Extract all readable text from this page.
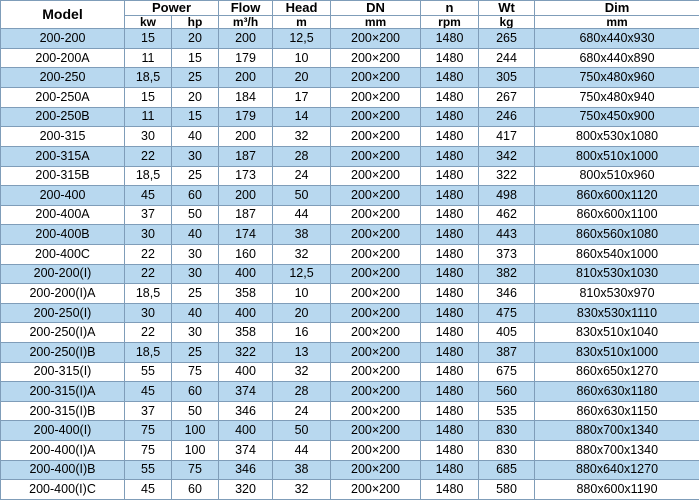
Model	Power		Flow	Head	DN	n	Wt	Dim
	kw	hp	m³/h	m	mm	rpm	kg	mm
200-200	15	20	200	12,5	200×200	1480	265	680x440x930
200-200A	11	15	179	10	200×200	1480	244	680x440x890
200-250	18,5	25	200	20	200×200	1480	305	750x480x960
200-250A	15	20	184	17	200×200	1480	267	750x480x940
200-250B	11	15	179	14	200×200	1480	246	750x450x900
200-315	30	40	200	32	200×200	1480	417	800x530x1080
200-315A	22	30	187	28	200×200	1480	342	800x510x1000
200-315B	18,5	25	173	24	200×200	1480	322	800x510x960
200-400	45	60	200	50	200×200	1480	498	860x600x1120
200-400A	37	50	187	44	200×200	1480	462	860x600x1100
200-400B	30	40	174	38	200×200	1480	443	860x560x1080
200-400C	22	30	160	32	200×200	1480	373	860x540x1000
200-200(I)	22	30	400	12,5	200×200	1480	382	810x530x1030
200-200(I)A	18,5	25	358	10	200×200	1480	346	810x530x970
200-250(I)	30	40	400	20	200×200	1480	475	830x530x1110
200-250(I)A	22	30	358	16	200×200	1480	405	830x510x1040
200-250(I)B	18,5	25	322	13	200×200	1480	387	830x510x1000
200-315(I)	55	75	400	32	200×200	1480	675	860x650x1270
200-315(I)A	45	60	374	28	200×200	1480	560	860x630x1180
200-315(I)B	37	50	346	24	200×200	1480	535	860x630x1150
200-400(I)	75	100	400	50	200×200	1480	830	880x700x1340
200-400(I)A	75	100	374	44	200×200	1480	830	880x700x1340
200-400(I)B	55	75	346	38	200×200	1480	685	880x640x1270
200-400(I)C	45	60	320	32	200×200	1480	580	880x600x1190
